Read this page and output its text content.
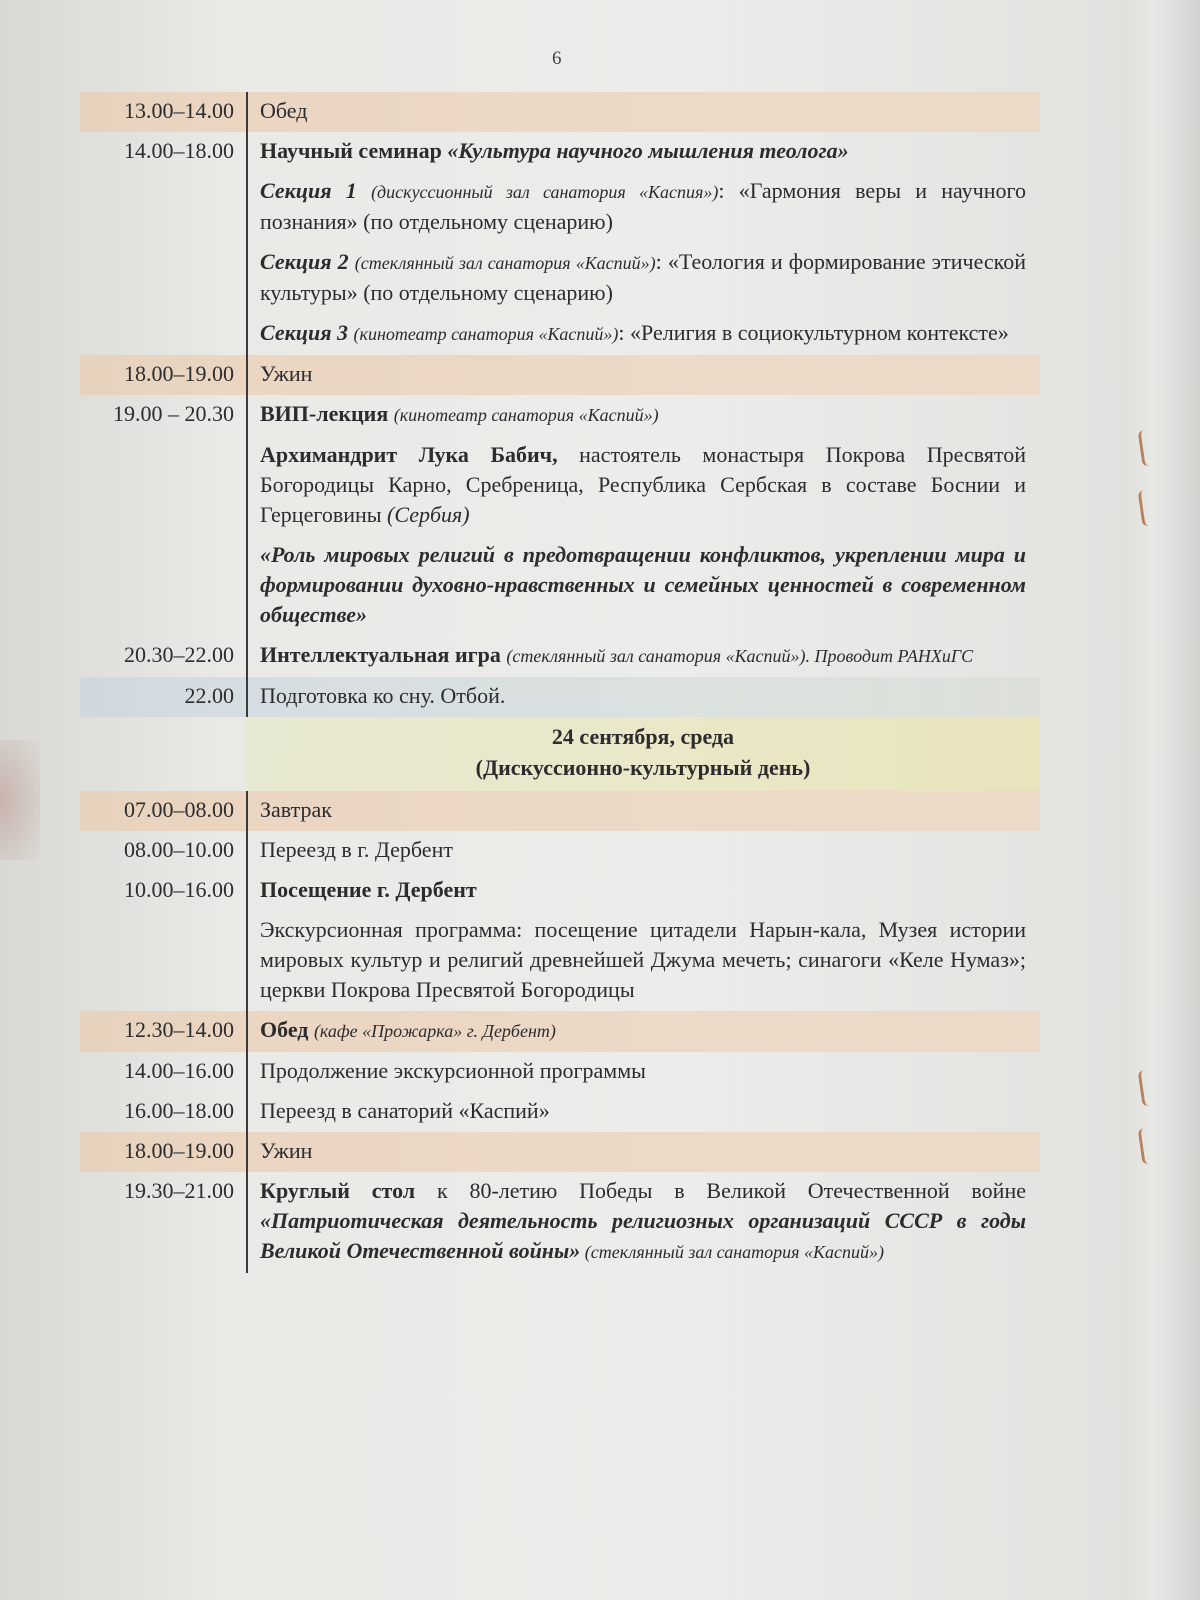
6
13.00–14.00	Обед
14.00–18.00	Научный семинар «Культура научного мышления теолога»
Секция 1 (дискуссионный зал санатория «Каспия»): «Гармония веры и научного познания» (по отдельному сценарию)
Секция 2 (стеклянный зал санатория «Каспий»): «Теология и формирование этической культуры» (по отдельному сценарию)
Секция 3 (кинотеатр санатория «Каспий»): «Религия в социокультурном контексте»
18.00–19.00	Ужин
19.00 – 20.30	ВИП-лекция (кинотеатр санатория «Каспий»)
Архимандрит Лука Бабич, настоятель монастыря Покрова Пресвятой Богородицы Карно, Сребреница, Республика Сербская в составе Боснии и Герцеговины (Сербия)
«Роль мировых религий в предотвращении конфликтов, укреплении мира и формировании духовно-нравственных и семейных ценностей в современном обществе»
20.30–22.00	Интеллектуальная игра (стеклянный зал санатория «Каспий»). Проводит РАНХиГС
22.00	Подготовка ко сну. Отбой.
24 сентября, среда
(Дискуссионно-культурный день)
07.00–08.00	Завтрак
08.00–10.00	Переезд в г. Дербент
10.00–16.00	Посещение г. Дербент
Экскурсионная программа: посещение цитадели Нарын-кала, Музея истории мировых культур и религий древнейшей Джума мечеть; синагоги «Келе Нумаз»; церкви Покрова Пресвятой Богородицы
12.30–14.00	Обед (кафе «Прожарка» г. Дербент)
14.00–16.00	Продолжение экскурсионной программы
16.00–18.00	Переезд в санаторий «Каспий»
18.00–19.00	Ужин
19.30–21.00	Круглый стол к 80-летию Победы в Великой Отечественной войне «Патриотическая деятельность религиозных организаций СССР в годы Великой Отечественной войны» (стеклянный зал санатория «Каспий»)
